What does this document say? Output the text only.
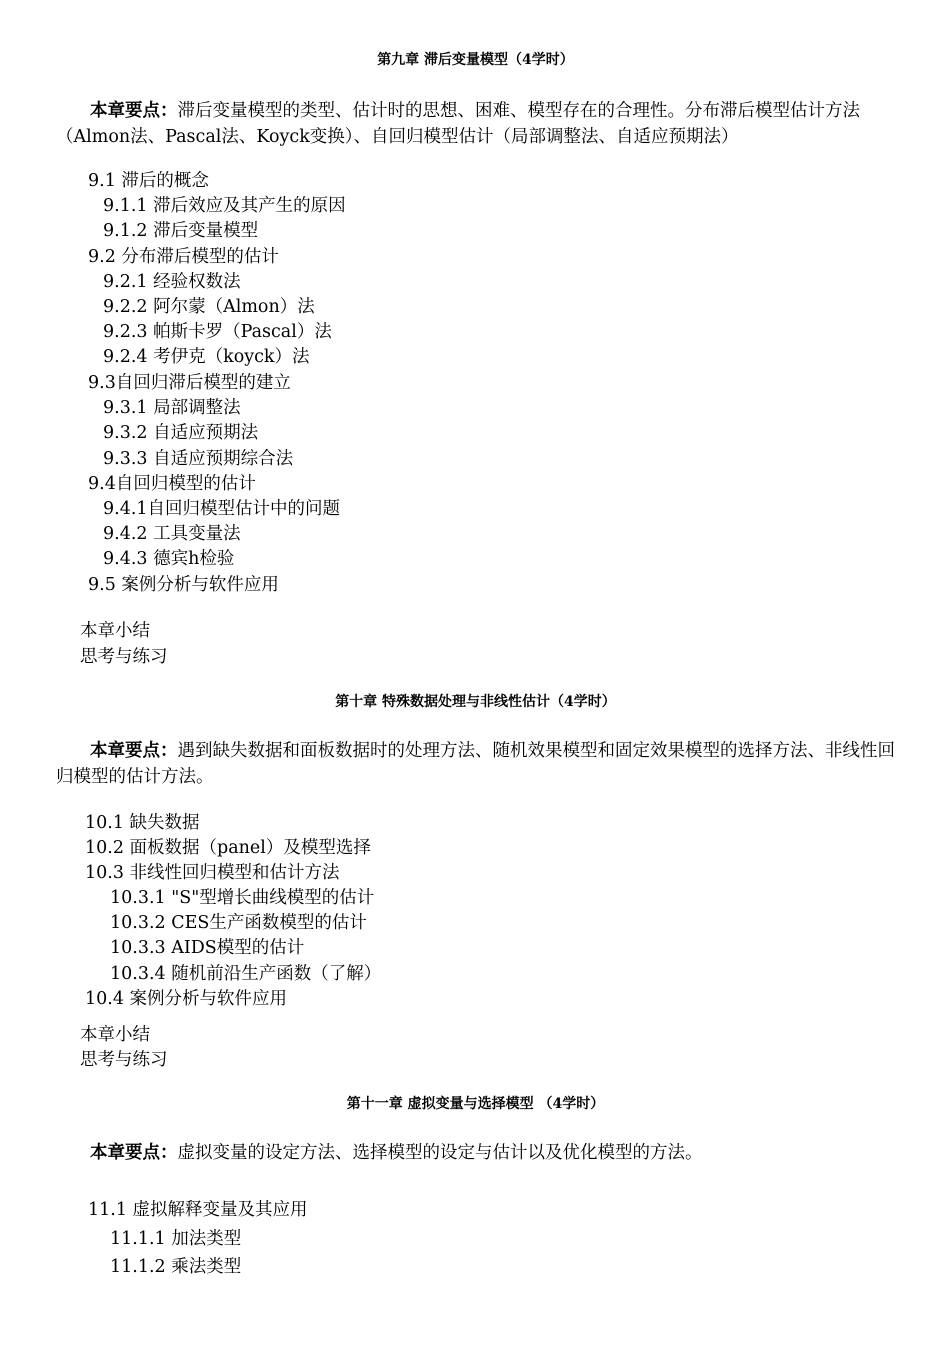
第九章 滞后变量模型（4学时）
本章要点：滞后变量模型的类型、估计时的思想、困难、模型存在的合理性。分布滞后模型估计方法（Almon法、Pascal法、Koyck变换）、自回归模型估计（局部调整法、自适应预期法）
9.1 滞后的概念
9.1.1 滞后效应及其产生的原因
9.1.2 滞后变量模型
9.2 分布滞后模型的估计
9.2.1 经验权数法
9.2.2 阿尔蒙（Almon）法
9.2.3 帕斯卡罗（Pascal）法
9.2.4 考伊克（koyck）法
9.3自回归滞后模型的建立
9.3.1 局部调整法
9.3.2 自适应预期法
9.3.3 自适应预期综合法
9.4自回归模型的估计
9.4.1自回归模型估计中的问题
9.4.2 工具变量法
9.4.3 德宾h检验
9.5 案例分析与软件应用
本章小结
思考与练习
第十章 特殊数据处理与非线性估计（4学时）
本章要点：遇到缺失数据和面板数据时的处理方法、随机效果模型和固定效果模型的选择方法、非线性回归模型的估计方法。
10.1 缺失数据
10.2 面板数据（panel）及模型选择
10.3 非线性回归模型和估计方法
10.3.1 "S"型增长曲线模型的估计
10.3.2 CES生产函数模型的估计
10.3.3 AIDS模型的估计
10.3.4 随机前沿生产函数（了解）
10.4 案例分析与软件应用
本章小结
思考与练习
第十一章 虚拟变量与选择模型 （4学时）
本章要点：虚拟变量的设定方法、选择模型的设定与估计以及优化模型的方法。
11.1 虚拟解释变量及其应用
11.1.1 加法类型
11.1.2 乘法类型
